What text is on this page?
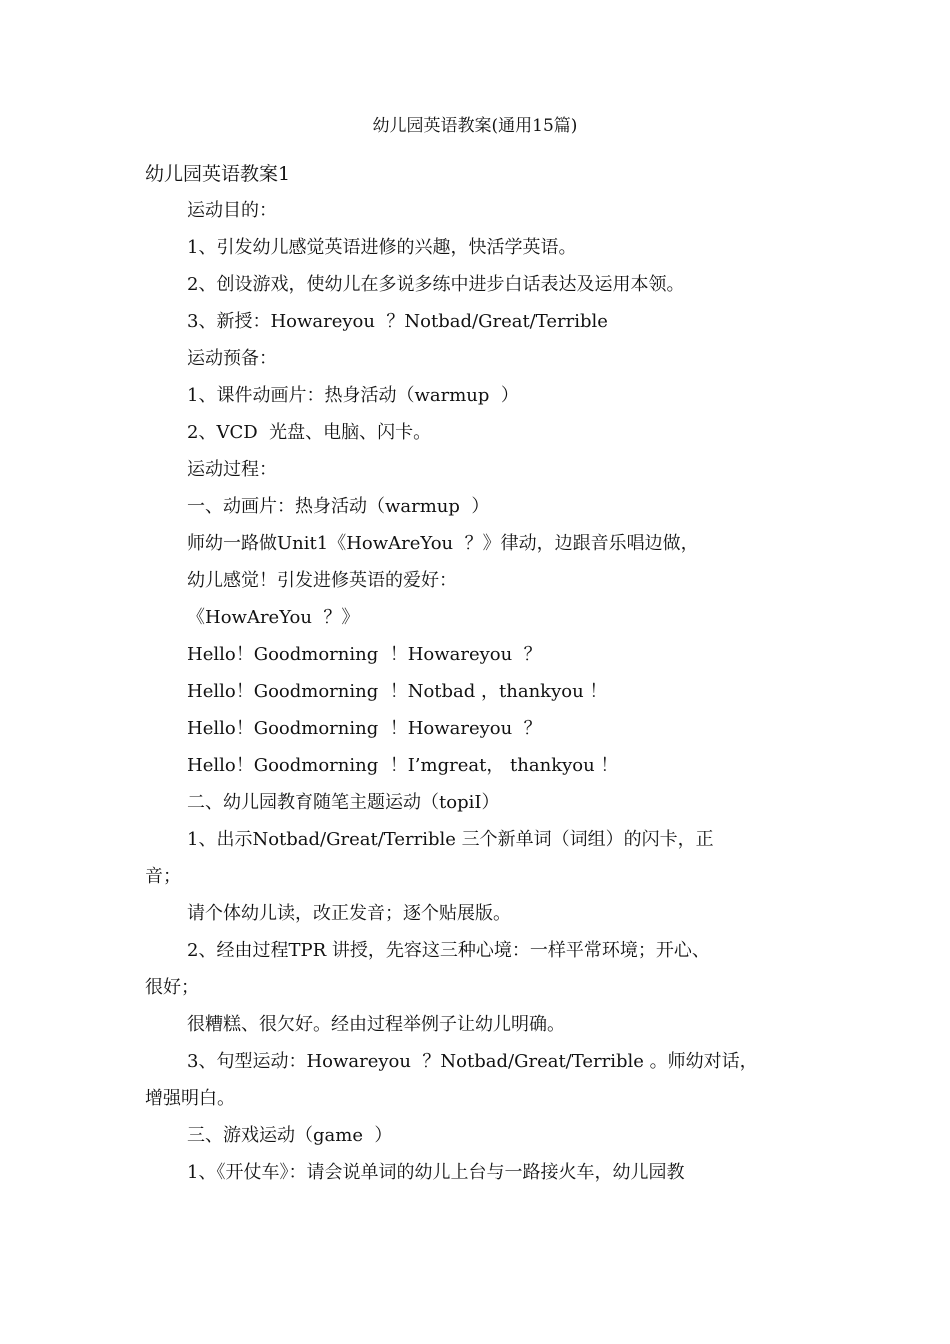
幼儿园英语教案(通用15篇)
幼儿园英语教案1
运动目的：
1、引发幼儿感觉英语进修的兴趣，快活学英语。
2、创设游戏，使幼儿在多说多练中进步白话表达及运用本领。
3、新授：Howareyou  ？Notbad/Great/Terrible
运动预备：
1、课件动画片：热身活动（warmup  ）
2、VCD  光盘、电脑、闪卡。
运动过程：
一、动画片：热身活动（warmup  ）
师幼一路做Unit1《HowAreYou  ？》律动，边跟音乐唱边做，
幼儿感觉！引发进修英语的爱好：
《HowAreYou  ？》
Hello！Goodmorning  ！Howareyou  ？
Hello！Goodmorning  ！Notbad ，thankyou ！
Hello！Goodmorning  ！Howareyou  ？
Hello！Goodmorning  ！I’mgreat， thankyou ！
二、幼儿园教育随笔主题运动（topiI）
1、出示Notbad/Great/Terrible 三个新单词（词组）的闪卡，正
音；
请个体幼儿读，改正发音；逐个贴展版。
2、经由过程TPR 讲授，先容这三种心境：一样平常环境；开心、
很好；
很糟糕、很欠好。经由过程举例子让幼儿明确。
3、句型运动：Howareyou  ？Notbad/Great/Terrible 。师幼对话，
增强明白。
三、游戏运动（game  ）
1、《开仗车》：请会说单词的幼儿上台与一路接火车，幼儿园教
